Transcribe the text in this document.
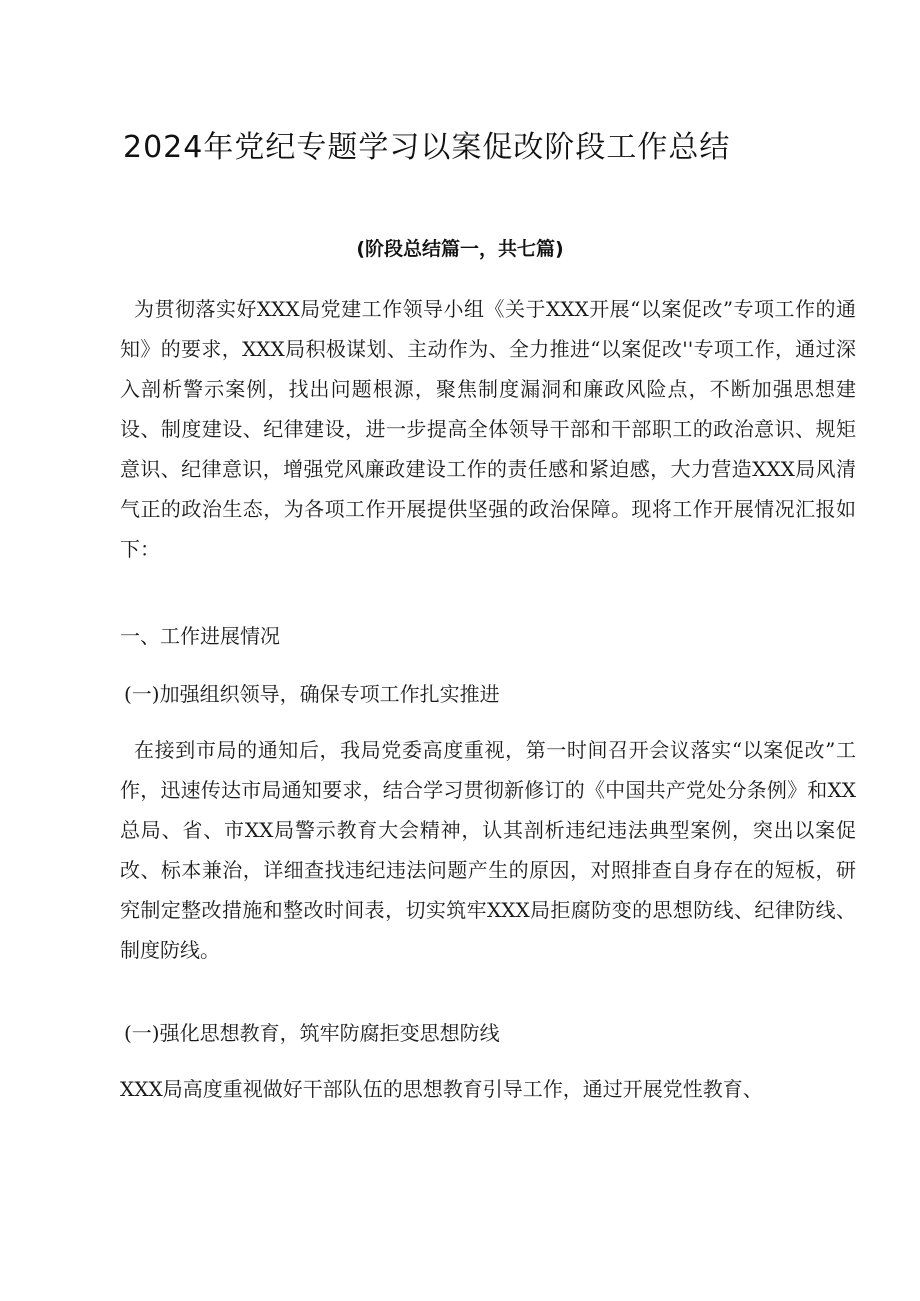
2024年党纪专题学习以案促改阶段工作总结
(阶段总结篇一，共七篇)

为贯彻落实好XXX局党建工作领导小组《关于XXX开展“以案促改”专项工作的通知》的要求，XXX局积极谋划、主动作为、全力推进“以案促改''专项工作，通过深入剖析警示案例，找出问题根源，聚焦制度漏洞和廉政风险点，不断加强思想建设、制度建设、纪律建设，进一步提高全体领导干部和干部职工的政治意识、规矩意识、纪律意识，增强党风廉政建设工作的责任感和紧迫感，大力营造XXX局风清气正的政治生态，为各项工作开展提供坚强的政治保障。现将工作开展情况汇报如下：

一、工作进展情况

(一)加强组织领导，确保专项工作扎实推进

在接到市局的通知后，我局党委高度重视，第一时间召开会议落实“以案促改”工作，迅速传达市局通知要求，结合学习贯彻新修订的《中国共产党处分条例》和XX总局、省、市XX局警示教育大会精神，认其剖析违纪违法典型案例，突出以案促改、标本兼治，详细查找违纪违法问题产生的原因，对照排查自身存在的短板，研究制定整改措施和整改时间表，切实筑牢XXX局拒腐防变的思想防线、纪律防线、制度防线。

(一)强化思想教育，筑牢防腐拒变思想防线

XXX局高度重视做好干部队伍的思想教育引导工作，通过开展党性教育、
